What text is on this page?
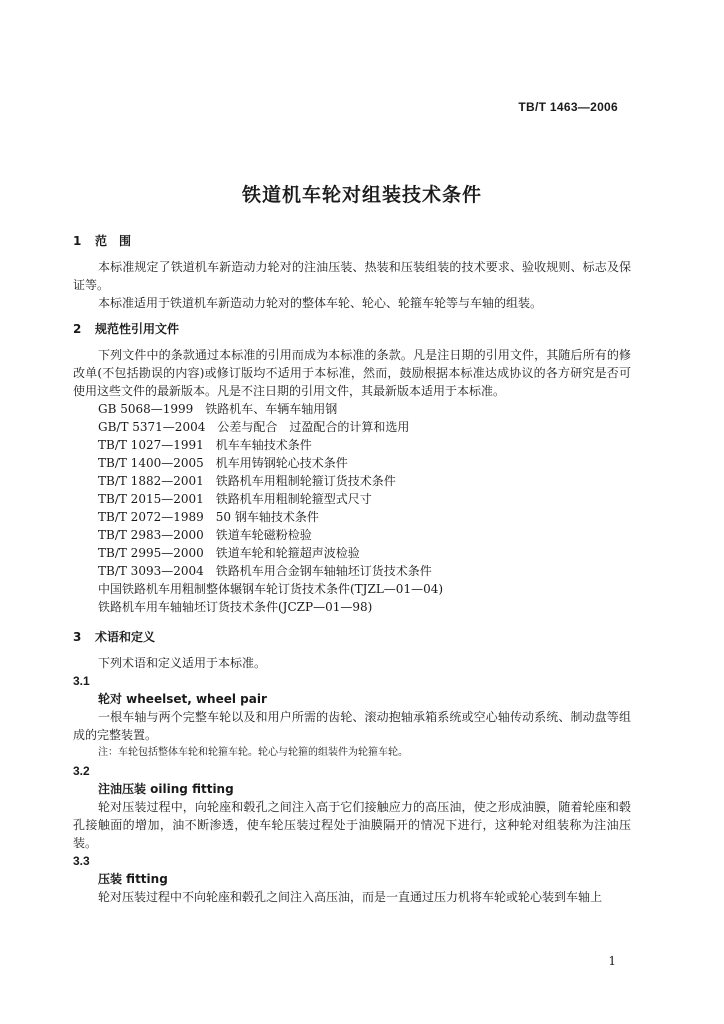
TB/T 1463—2006
铁道机车轮对组装技术条件
1 范围
本标准规定了铁道机车新造动力轮对的注油压装、热装和压装组装的技术要求、验收规则、标志及保证等。
本标准适用于铁道机车新造动力轮对的整体车轮、轮心、轮箍车轮等与车轴的组装。
2 规范性引用文件
下列文件中的条款通过本标准的引用而成为本标准的条款。凡是注日期的引用文件，其随后所有的修改单(不包括勘误的内容)或修订版均不适用于本标准，然而，鼓励根据本标准达成协议的各方研究是否可使用这些文件的最新版本。凡是不注日期的引用文件，其最新版本适用于本标准。
GB 5068—1999　铁路机车、车辆车轴用钢
GB/T 5371—2004　公差与配合　过盈配合的计算和选用
TB/T 1027—1991　机车车轴技术条件
TB/T 1400—2005　机车用铸钢轮心技术条件
TB/T 1882—2001　铁路机车用粗制轮箍订货技术条件
TB/T 2015—2001　铁路机车用粗制轮箍型式尺寸
TB/T 2072—1989　50 钢车轴技术条件
TB/T 2983—2000　铁道车轮磁粉检验
TB/T 2995—2000　铁道车轮和轮箍超声波检验
TB/T 3093—2004　铁路机车用合金钢车轴轴坯订货技术条件
中国铁路机车用粗制整体辗钢车轮订货技术条件(TJZL—01—04)
铁路机车用车轴轴坯订货技术条件(JCZP—01—98)
3 术语和定义
下列术语和定义适用于本标准。
3.1
轮对 wheelset, wheel pair
一根车轴与两个完整车轮以及和用户所需的齿轮、滚动抱轴承箱系统或空心轴传动系统、制动盘等组成的完整装置。
注：车轮包括整体车轮和轮箍车轮。轮心与轮箍的组装件为轮箍车轮。
3.2
注油压装 oiling fitting
轮对压装过程中，向轮座和毂孔之间注入高于它们接触应力的高压油，使之形成油膜，随着轮座和毂孔接触面的增加，油不断渗透，使车轮压装过程处于油膜隔开的情况下进行，这种轮对组装称为注油压装。
3.3
压装 fitting
轮对压装过程中不向轮座和毂孔之间注入高压油，而是一直通过压力机将车轮或轮心装到车轴上
1
